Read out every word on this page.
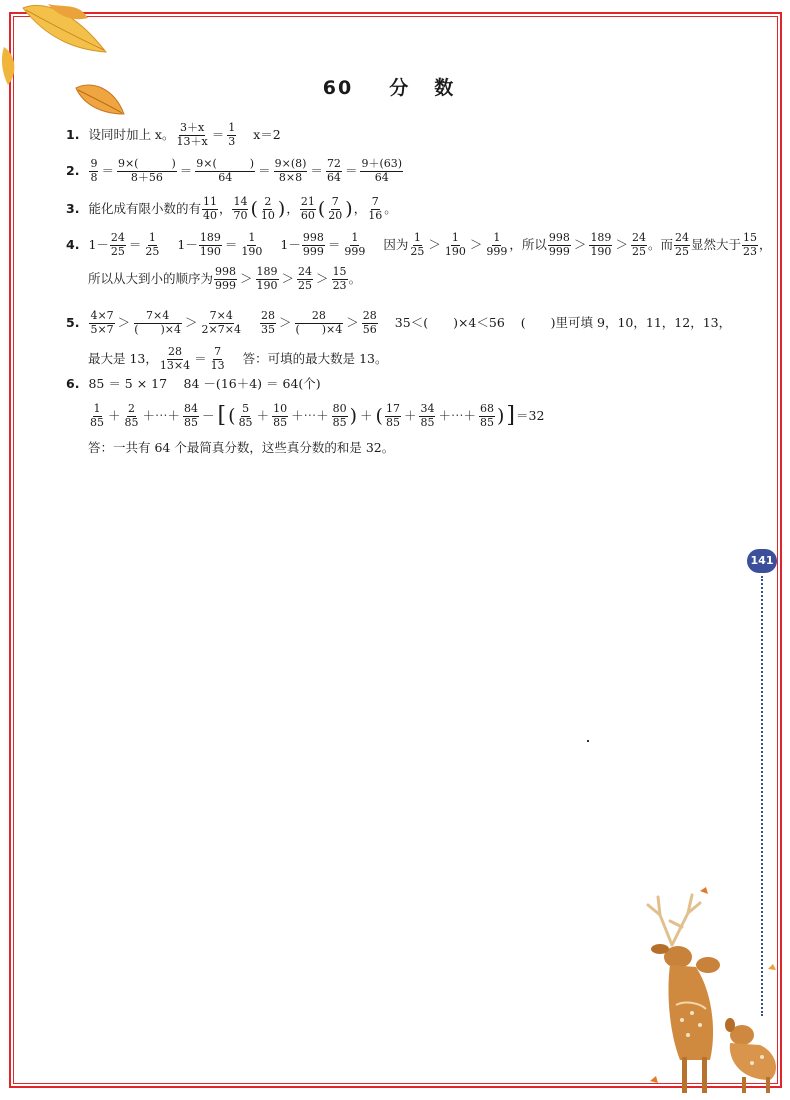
60 分 数
1. 设同时加上 x。 $\frac{3+x}{13+x} = \frac{1}{3} x=2$
2. $\frac{9}{8} = \frac{9\times( )}{8+56} = \frac{9\times( )}{64} = \frac{9\times(8)}{8\times 8} = \frac{72}{64} = \frac{9+(63)}{64}$
3. 能化成有限小数的有 $\frac{11}{40}$ ， $\frac{14}{70}$ ( $\frac{2}{10}$ ) ， $\frac{21}{60}$ ( $\frac{7}{20}$ ) ， $\frac{7}{16}$ 。
4. $1- \frac{24}{25} = \frac{1}{25} 1- \frac{189}{190} = \frac{1}{190} 1- \frac{998}{999} = \frac{1}{999}$ 因为 $\frac{1}{25} > \frac{1}{190} > \frac{1}{999}$ ，所以 $\frac{998}{999} > \frac{189}{190} > \frac{24}{25}$ 。而 $\frac{24}{25}$ 显然大于 $\frac{15}{23}$ ，
所以从大到小的顺序为 $\frac{998}{999} > \frac{189}{190} > \frac{24}{25} > \frac{15}{23}$ 。
5. $\frac{4\times 7}{5\times 7} > \frac{7\times 4}{( )\times 4} > \frac{7\times 4}{2\times 7\times 4} \frac{28}{35} > \frac{28}{( )\times 4} > \frac{28}{56} 35<$(　　)×4＜56 (　　)里可填 9，10，11，12，13，
最大是 13， $\frac{28}{13\times 4} = \frac{7}{13}$ 答：可填的最大数是 13。
6. 85 ＝ 5 × 17　 84 －(16＋4) ＝ 64(个)
$\frac{1}{85} + \frac{2}{85}$ ＋⋯＋ $\frac{84}{85}$ － [ ( $\frac{5}{85} + \frac{10}{85}$ ＋⋯＋ $\frac{80}{85}$ ) ＋ ( $\frac{17}{85} + \frac{34}{85}$ ＋⋯＋ $\frac{68}{85}$ ) ] ＝32
答：一共有 64 个最简真分数，这些真分数的和是 32。
141
